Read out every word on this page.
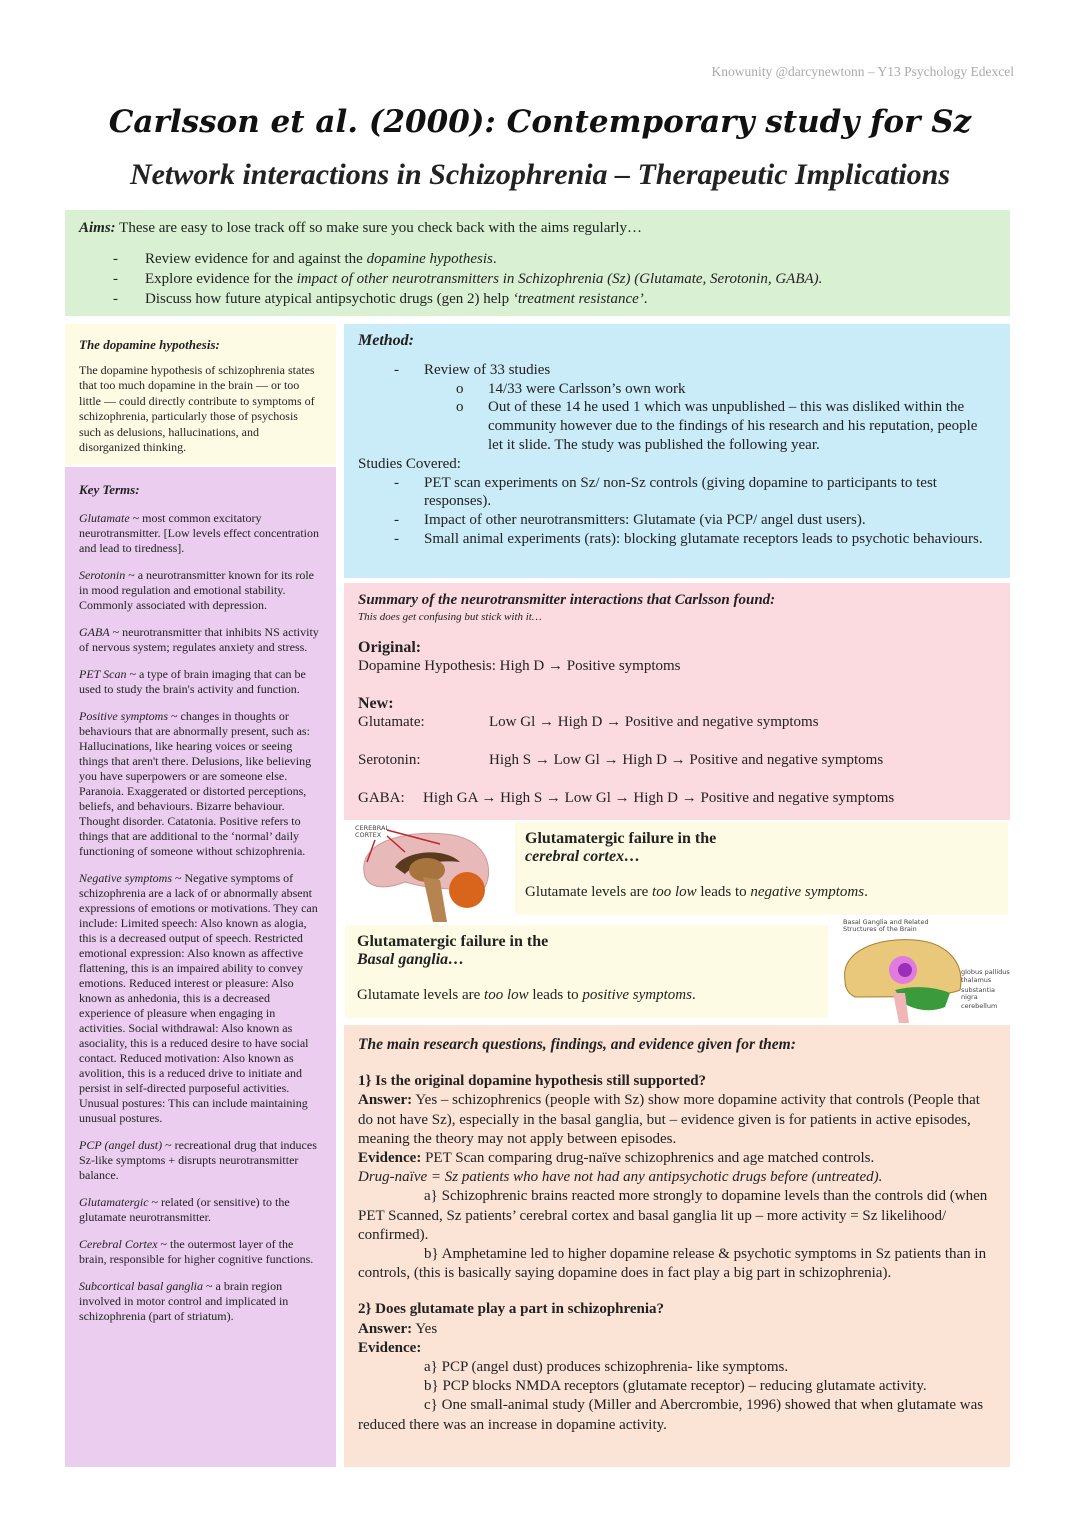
Knowunity @darcynewtonn – Y13 Psychology Edexcel
Carlsson et al. (2000): Contemporary study for Sz
Network interactions in Schizophrenia – Therapeutic Implications
Aims: These are easy to lose track off so make sure you check back with the aims regularly…
- Review evidence for and against the dopamine hypothesis.
- Explore evidence for the impact of other neurotransmitters in Schizophrenia (Sz) (Glutamate, Serotonin, GABA).
- Discuss how future atypical antipsychotic drugs (gen 2) help ‘treatment resistance’.
The dopamine hypothesis:

The dopamine hypothesis of schizophrenia states that too much dopamine in the brain — or too little — could directly contribute to symptoms of schizophrenia, particularly those of psychosis such as delusions, hallucinations, and disorganized thinking.

Key Terms:

Glutamate ~ most common excitatory neurotransmitter. [Low levels effect concentration and lead to tiredness].

Serotonin ~ a neurotransmitter known for its role in mood regulation and emotional stability. Commonly associated with depression.

GABA ~ neurotransmitter that inhibits NS activity of nervous system; regulates anxiety and stress.

PET Scan ~ a type of brain imaging that can be used to study the brain's activity and function.

Positive symptoms ~ changes in thoughts or behaviours that are abnormally present, such as: Hallucinations, like hearing voices or seeing things that aren't there. Delusions, like believing you have superpowers or are someone else. Paranoia. Exaggerated or distorted perceptions, beliefs, and behaviours. Bizarre behaviour. Thought disorder. Catatonia. Positive refers to things that are additional to the ‘normal’ daily functioning of someone without schizophrenia.

Negative symptoms ~ Negative symptoms of schizophrenia are a lack of or abnormally absent expressions of emotions or motivations. They can include: Limited speech: Also known as alogia, this is a decreased output of speech. Restricted emotional expression: Also known as affective flattening, this is an impaired ability to convey emotions. Reduced interest or pleasure: Also known as anhedonia, this is a decreased experience of pleasure when engaging in activities. Social withdrawal: Also known as asociality, this is a reduced desire to have social contact. Reduced motivation: Also known as avolition, this is a reduced drive to initiate and persist in self-directed purposeful activities. Unusual postures: This can include maintaining unusual postures.

PCP (angel dust) ~ recreational drug that induces Sz-like symptoms + disrupts neurotransmitter balance.

Glutamatergic ~ related (or sensitive) to the glutamate neurotransmitter.

Cerebral Cortex ~ the outermost layer of the brain, responsible for higher cognitive functions.

Subcortical basal ganglia ~ a brain region involved in motor control and implicated in schizophrenia (part of striatum).

Method:
-	Review of 33 studies
o	14/33 were Carlsson’s own work
o	Out of these 14 he used 1 which was unpublished – this was disliked within the community however due to the findings of his research and his reputation, people let it slide. The study was published the following year.
Studies Covered:
-	PET scan experiments on Sz/ non-Sz controls (giving dopamine to participants to test responses).
-	Impact of other neurotransmitters: Glutamate (via PCP/ angel dust users).
-	Small animal experiments (rats): blocking glutamate receptors leads to psychotic behaviours.
Summary of the neurotransmitter interactions that Carlsson found:
This does get confusing but stick with it…
Original:
Dopamine Hypothesis: High D → Positive symptoms
New:
Glutamate:	Low Gl → High D → Positive and negative symptoms
Serotonin:	High S → Low Gl → High D → Positive and negative symptoms
GABA:	High GA → High S → Low Gl → High D → Positive and negative symptoms
CEREBRAL CORTEX	Glutamatergic failure in the
cerebral cortex…
Glutamate levels are too low leads to negative symptoms.
Glutamatergic failure in the
Basal ganglia…
Glutamate levels are too low leads to positive symptoms.
Basal Ganglia and Related Structures of the Brain
globus pallidus
thalamus
substantia nigra
cerebellum
The main research questions, findings, and evidence given for them:
1} Is the original dopamine hypothesis still supported?
Answer: Yes – schizophrenics (people with Sz) show more dopamine activity that controls (People that do not have Sz), especially in the basal ganglia, but – evidence given is for patients in active episodes, meaning the theory may not apply between episodes.
Evidence: PET Scan comparing drug-naïve schizophrenics and age matched controls.
Drug-naïve = Sz patients who have not had any antipsychotic drugs before (untreated).
a} Schizophrenic brains reacted more strongly to dopamine levels than the controls did (when PET Scanned, Sz patients’ cerebral cortex and basal ganglia lit up – more activity = Sz likelihood/ confirmed).
b} Amphetamine led to higher dopamine release & psychotic symptoms in Sz patients than in controls, (this is basically saying dopamine does in fact play a big part in schizophrenia).
2} Does glutamate play a part in schizophrenia?
Answer: Yes
Evidence:
a} PCP (angel dust) produces schizophrenia- like symptoms.
b} PCP blocks NMDA receptors (glutamate receptor) – reducing glutamate activity.
c} One small-animal study (Miller and Abercrombie, 1996) showed that when glutamate was reduced there was an increase in dopamine activity.
